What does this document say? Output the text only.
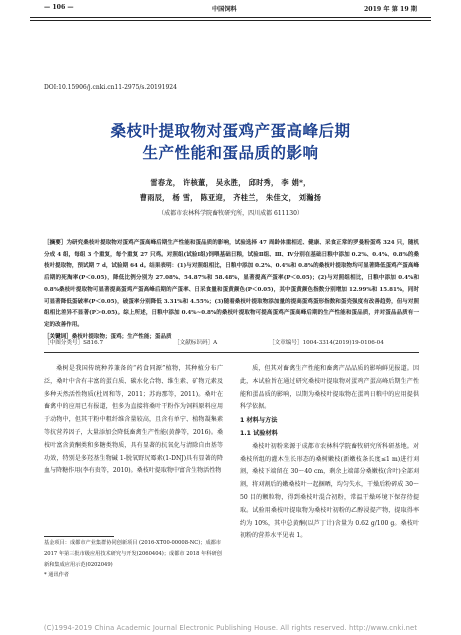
— 106 —	中国饲料	2019 年 第 19 期
DOI:10.15906/j.cnki.cn11-2975/s.20191924
桑枝叶提取物对蛋鸡产蛋高峰后期
生产性能和蛋品质的影响
雷春龙， 许核董， 吴永胜， 邱时秀， 李 娟*，
曹雨辰， 杨 雪， 陈亚迎， 齐桂兰， 朱佳文， 刘瀚扬
（成都市农林科学院畜牧研究所，四川成都 611130）
［摘要］为研究桑枝叶提取物对蛋鸡产蛋高峰后期生产性能和蛋品质的影响，试验选择 47 周龄体重相近、健康、采食正常的罗曼粉蛋鸡 324 只，随机分成 4 组，每组 3 个重复，每个重复 27 只鸡。对照组(试验Ⅰ组)饲喂基础日粮，试验Ⅱ组、Ⅲ、Ⅳ分别在基础日粮中添加 0.2%、0.4%、0.8%的桑枝叶提取物，预试期 7 d，试验期 64 d。结果表明：(1)与对照组相比，日粮中添加 0.2%、0.4%和 0.8%的桑枝叶提取物均可显著降低蛋鸡产蛋高峰后期的死淘率(P＜0.05)，降低比例分别为 27.08%、54.87%和 58.48%，显著提高产蛋率(P＜0.05)；(2)与对照组相比，日粮中添加 0.4%和 0.8%桑枝叶提取物可显著提高蛋鸡产蛋高峰后期的产蛋率、日采食量和蛋黄颜色(P＜0.05)，其中蛋黄颜色指数分别增加 12.99%和 15.81%，同时可显著降低蛋破率(P＜0.05)，破蛋率分别降低 3.31%和 4.55%；(3)随着桑枝叶提取物添加量的提高蛋鸡蛋形指数和蛋壳强度有改善趋势，但与对照组相比差异不显著(P＞0.05)。综上所述，日粮中添加 0.4%~0.8%的桑枝叶提取物可提高蛋鸡产蛋高峰后期的生产性能和蛋品质，并对蛋品品质有一定的改善作用。
［关键词］桑枝叶提取物；蛋鸡；生产性能；蛋品质
［中图分类号］S816.7	［文献标识码］A	［文章编号］1004-3314(2019)19-0106-04

桑树是我国传统种养兼备的“药食同源”植物，其种植分布广泛，桑叶中含有丰富的蛋白质、碳水化合物、维生素、矿物元素及多种天然活性物质(杜周和等，2011；苏海那等，2011)。桑叶在畜禽中的应用已有报道，但多为直接将桑叶干粉作为饲料原料应用于动物中，但其干粉中粗纤维含量较高，且含有单宁、植物凝集素等抗营养因子，大量添加会降低畜禽生产性能(黄静等，2016)。桑枝叶富含黄酮类和多糖类物质，具有显著的抗氧化与清除自由基等功效，特别是多羟基生物碱 1-脱氧野尻霉素(1-DNJ)具有显著的降血与降糖作用(李有贵等，2010)。桑枝叶提取物中富含生物活性物

基金项目：成都市产业集群协同创新项目 (2016-XT00-00008-NC)；成都市 2017 年第三批市级应用技术研究与开发(2060404)；成都市 2018 年科研创新和集成应用示范(0202049)
* 通讯作者

质，但其对畜禽生产性能和畜禽产品品质的影响鲜见报道。因此，本试验旨在通过研究桑枝叶提取物对蛋鸡产蛋高峰后期生产性能和蛋品质的影响，以期为桑枝叶提取物在蛋鸡日粮中的应用提供科学依据。

1 材料与方法
1.1 试验材料

桑枝叶初粉来源于成都市农林科学院畜牧研究所科研基地。对桑枝所组的灌木生长形态的桑树嫩枝(新嫩枝条长度≤1 m)进行刈割，桑枝下端留在 30～40 cm，剩余上端部分桑嫩枝(含叶)全部刈割，将刈割后的嫩桑枝叶一起捆晒，均匀失水，干燥后粉碎成 30～50 目的颗粒物，得到桑枝叶混合初粉，常温干燥环境下保存待提取。试验用桑枝叶提取物为桑枝叶初粉的乙醇浸提产物，提取得率约为 10%，其中总黄酮(以芦丁计)含量为 0.62 g/100 g。桑枝叶初粉的营养水平见表 1。

(C)1994-2019 China Academic Journal Electronic Publishing House. All rights reserved. http://www.cnki.net
